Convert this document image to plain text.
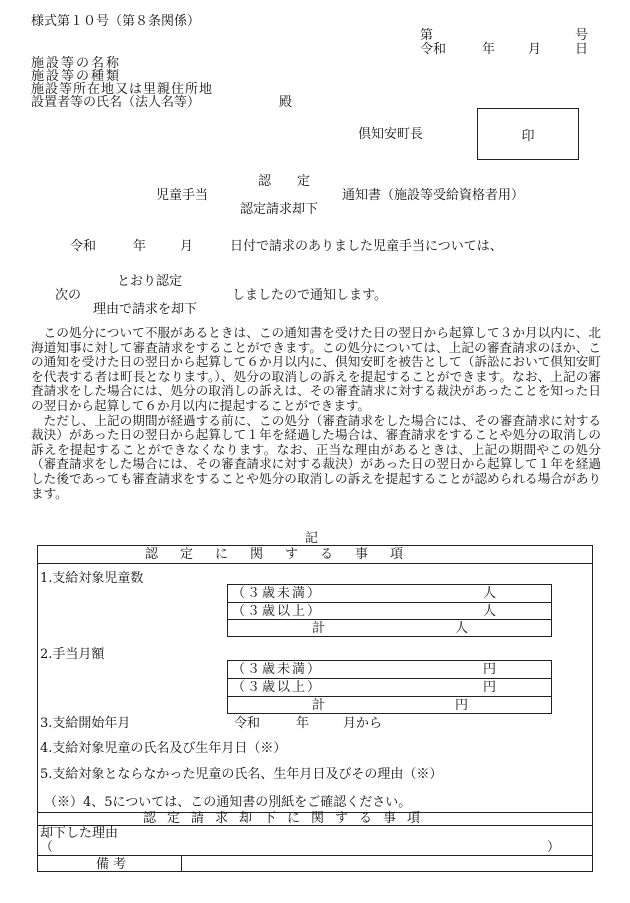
様式第１０号（第８条関係）
第	号
令和	年	月	日
施設等の名称
施設等の種類
施設等所在地又は里親住所地
設置者等の氏名（法人名等）	殿
倶知安町長	印
認　　定
児童手当	通知書（施設等受給資格者用）
認定請求却下
令和	年	月	日付で請求のありました児童手当については、
とおり認定
次の	しましたので通知します。
理由で請求を却下

　この処分について不服があるときは、この通知書を受けた日の翌日から起算して３か月以内に、北海道知事に対して審査請求をすることができます。この処分については、上記の審査請求のほか、この通知を受けた日の翌日から起算して６か月以内に、倶知安町を被告として（訴訟において倶知安町を代表する者は町長となります。）、処分の取消しの訴えを提起することができます。なお、上記の審査請求をした場合には、処分の取消しの訴えは、その審査請求に対する裁決があったことを知った日の翌日から起算して６か月以内に提起することができます。

　ただし、上記の期間が経過する前に、この処分（審査請求をした場合には、その審査請求に対する裁決）があった日の翌日から起算して１年を経過した場合は、審査請求をすることや処分の取消しの訴えを提起することができなくなります。なお、正当な理由があるときは、上記の期間やこの処分（審査請求をした場合には、その審査請求に対する裁決）があった日の翌日から起算して１年を経過した後であっても審査請求をすることや処分の取消しの訴えを提起することが認められる場合があります。

記
認定に関する事項
1.支給対象児童数
（３歳未満）	人
（３歳以上）	人
計	人
2.手当月額
（３歳未満）	円
（３歳以上）	円
計	円
3.支給開始年月	令和	年	月から
4.支給対象児童の氏名及び生年月日（※）
5.支給対象とならなかった児童の氏名、生年月日及びその理由（※）
（※）4、5については、この通知書の別紙をご確認ください。
認定請求却下に関する事項
却下した理由
（	）
備考
